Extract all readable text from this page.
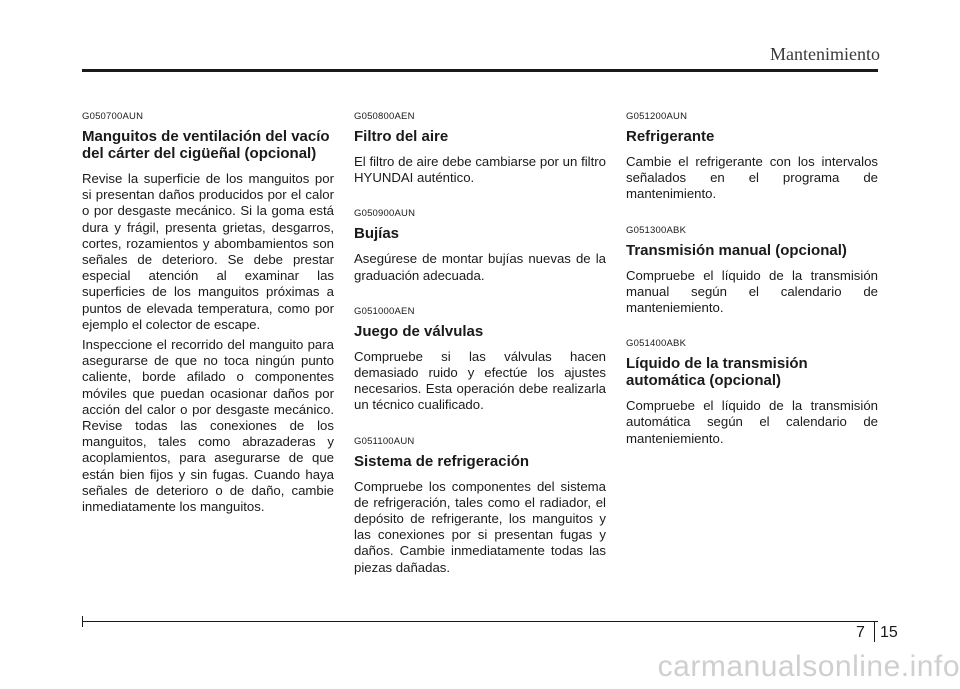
Mantenimiento
G050700AUN
Manguitos de ventilación del vacío del cárter del cigüeñal (opcional)

Revise la superficie de los manguitos por si presentan daños producidos por el calor o por desgaste mecánico. Si la goma está dura y frágil, presenta grietas, desgarros, cortes, rozamientos y abombamientos son señales de deterioro. Se debe prestar especial atención al examinar las superficies de los manguitos próximas a puntos de elevada temperatura, como por ejemplo el colector de escape.

Inspeccione el recorrido del manguito para asegurarse de que no toca ningún punto caliente, borde afilado o componentes móviles que puedan ocasionar daños por acción del calor o por desgaste mecánico. Revise todas las conexiones de los manguitos, tales como abrazaderas y acoplamientos, para asegurarse de que están bien fijos y sin fugas. Cuando haya señales de deterioro o de daño, cambie inmediatamente los manguitos.

G050800AEN
Filtro del aire

El filtro de aire debe cambiarse por un filtro HYUNDAI auténtico.

G050900AUN
Bujías

Asegúrese de montar bujías nuevas de la graduación adecuada.

G051000AEN
Juego de válvulas

Compruebe si las válvulas hacen demasiado ruido y efectúe los ajustes necesarios. Esta operación debe realizarla un técnico cualificado.

G051100AUN
Sistema de refrigeración

Compruebe los componentes del sistema de refrigeración, tales como el radiador, el depósito de refrigerante, los manguitos y las conexiones por si presentan fugas y daños. Cambie inmediatamente todas las piezas dañadas.

G051200AUN
Refrigerante

Cambie el refrigerante con los intervalos señalados en el programa de mantenimiento.

G051300ABK
Transmisión manual (opcional)

Compruebe el líquido de la transmisión manual según el calendario de manteniemiento.

G051400ABK
Líquido de la transmisión automática (opcional)

Compruebe el líquido de la transmisión automática según el calendario de manteniemiento.

7 15
carmanualsonline.info
